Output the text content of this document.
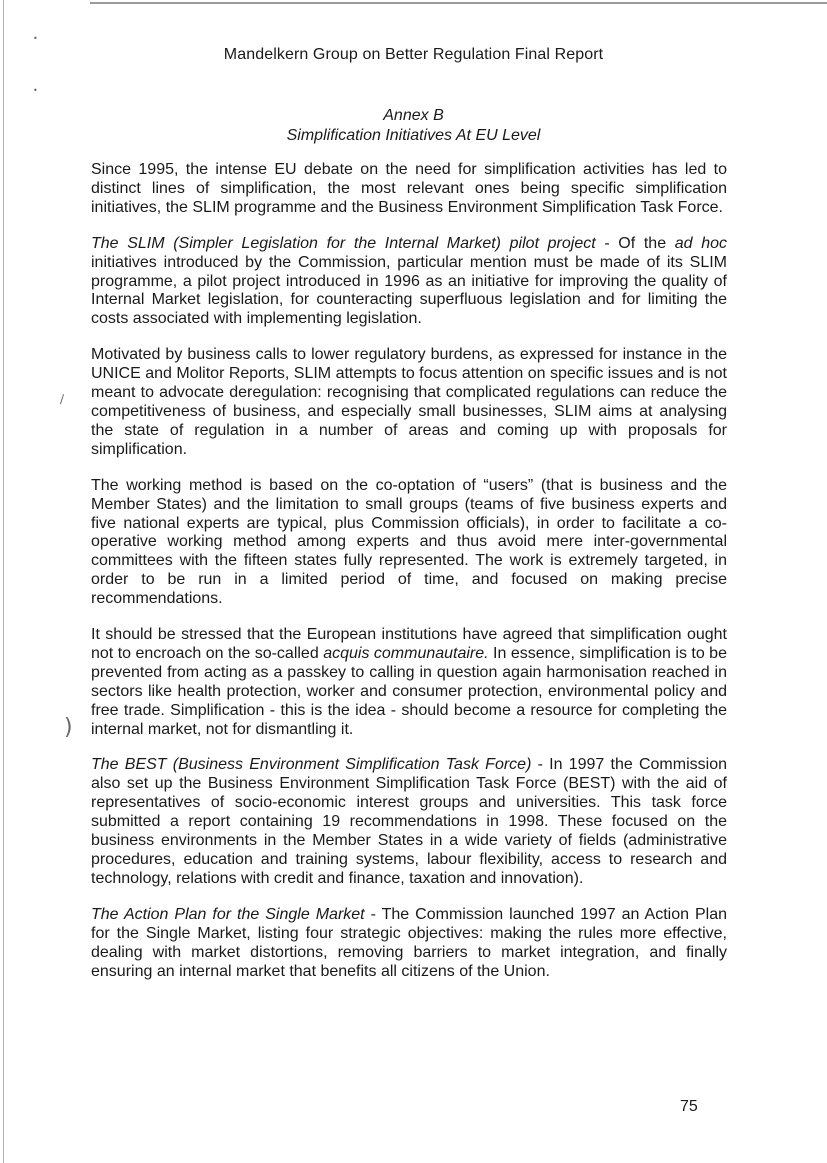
•
•
\
)
Mandelkern Group on Better Regulation Final Report
Annex B
Simplification Initiatives At EU Level

Since 1995, the intense EU debate on the need for simplification activities has led to distinct lines of simplification, the most relevant ones being specific simplification initiatives, the SLIM programme and the Business Environment Simplification Task Force.

The SLIM (Simpler Legislation for the Internal Market) pilot project - Of the ad hoc initiatives introduced by the Commission, particular mention must be made of its SLIM programme, a pilot project introduced in 1996 as an initiative for improving the quality of Internal Market legislation, for counteracting superfluous legislation and for limiting the costs associated with implementing legislation.

Motivated by business calls to lower regulatory burdens, as expressed for instance in the UNICE and Molitor Reports, SLIM attempts to focus attention on specific issues and is not meant to advocate deregulation: recognising that complicated regulations can reduce the competitiveness of business, and especially small businesses, SLIM aims at analysing the state of regulation in a number of areas and coming up with proposals for simplification.

The working method is based on the co-optation of “users” (that is business and the Member States) and the limitation to small groups (teams of five business experts and five national experts are typical, plus Commission officials), in order to facilitate a co-operative working method among experts and thus avoid mere inter-governmental committees with the fifteen states fully represented. The work is extremely targeted, in order to be run in a limited period of time, and focused on making precise recommendations.

It should be stressed that the European institutions have agreed that simplification ought not to encroach on the so-called acquis communautaire. In essence, simplification is to be prevented from acting as a passkey to calling in question again harmonisation reached in sectors like health protection, worker and consumer protection, environmental policy and free trade. Simplification - this is the idea - should become a resource for completing the internal market, not for dismantling it.

The BEST (Business Environment Simplification Task Force) - In 1997 the Commission also set up the Business Environment Simplification Task Force (BEST) with the aid of representatives of socio-economic interest groups and universities. This task force submitted a report containing 19 recommendations in 1998. These focused on the business environments in the Member States in a wide variety of fields (administrative procedures, education and training systems, labour flexibility, access to research and technology, relations with credit and finance, taxation and innovation).

The Action Plan for the Single Market - The Commission launched 1997 an Action Plan for the Single Market, listing four strategic objectives: making the rules more effective, dealing with market distortions, removing barriers to market integration, and finally ensuring an internal market that benefits all citizens of the Union.

75
